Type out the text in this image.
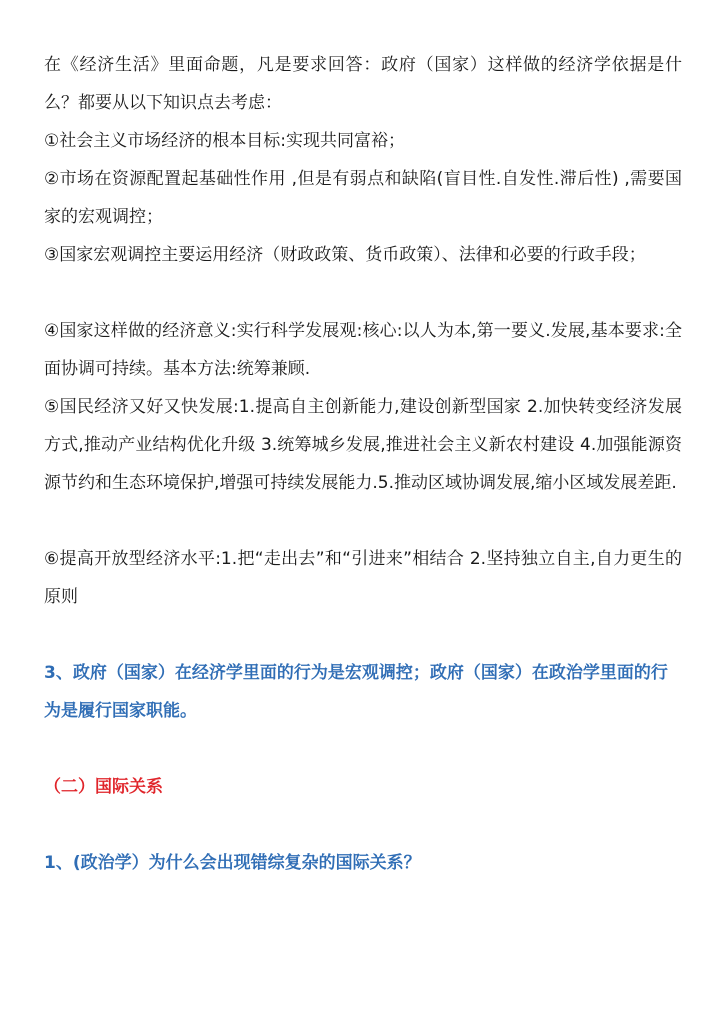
在《经济生活》里面命题，凡是要求回答：政府（国家）这样做的经济学依据是什么？都要从以下知识点去考虑：

①社会主义市场经济的根本目标:实现共同富裕；

②市场在资源配置起基础性作用 ,但是有弱点和缺陷(盲目性.自发性.滞后性) ,需要国家的宏观调控；

③国家宏观调控主要运用经济（财政政策、货币政策）、法律和必要的行政手段；

④国家这样做的经济意义:实行科学发展观:核心:以人为本,第一要义.发展,基本要求:全面协调可持续。基本方法:统筹兼顾.

⑤国民经济又好又快发展:1.提高自主创新能力,建设创新型国家 2.加快转变经济发展方式,推动产业结构优化升级 3.统筹城乡发展,推进社会主义新农村建设 4.加强能源资源节约和生态环境保护,增强可持续发展能力.5.推动区域协调发展,缩小区域发展差距.

⑥提高开放型经济水平:1.把“走出去”和“引进来”相结合 2.坚持独立自主,自力更生的原则

3、政府（国家）在经济学里面的行为是宏观调控；政府（国家）在政治学里面的行为是履行国家职能。

（二）国际关系

1、(政治学）为什么会出现错综复杂的国际关系？
